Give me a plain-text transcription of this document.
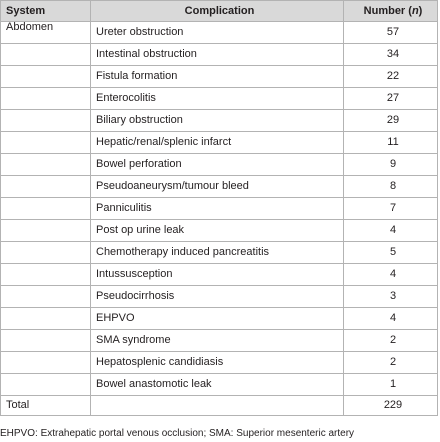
System	Complication	Number (n)
Abdomen	Ureter obstruction	57
	Intestinal obstruction	34
	Fistula formation	22
	Enterocolitis	27
	Biliary obstruction	29
	Hepatic/renal/splenic infarct	11
	Bowel perforation	9
	Pseudoaneurysm/tumour bleed	8
	Panniculitis	7
	Post op urine leak	4
	Chemotherapy induced pancreatitis	5
	Intussusception	4
	Pseudocirrhosis	3
	EHPVO	4
	SMA syndrome	2
	Hepatosplenic candidiasis	2
	Bowel anastomotic leak	1
Total		229
EHPVO: Extrahepatic portal venous occlusion; SMA: Superior mesenteric artery
